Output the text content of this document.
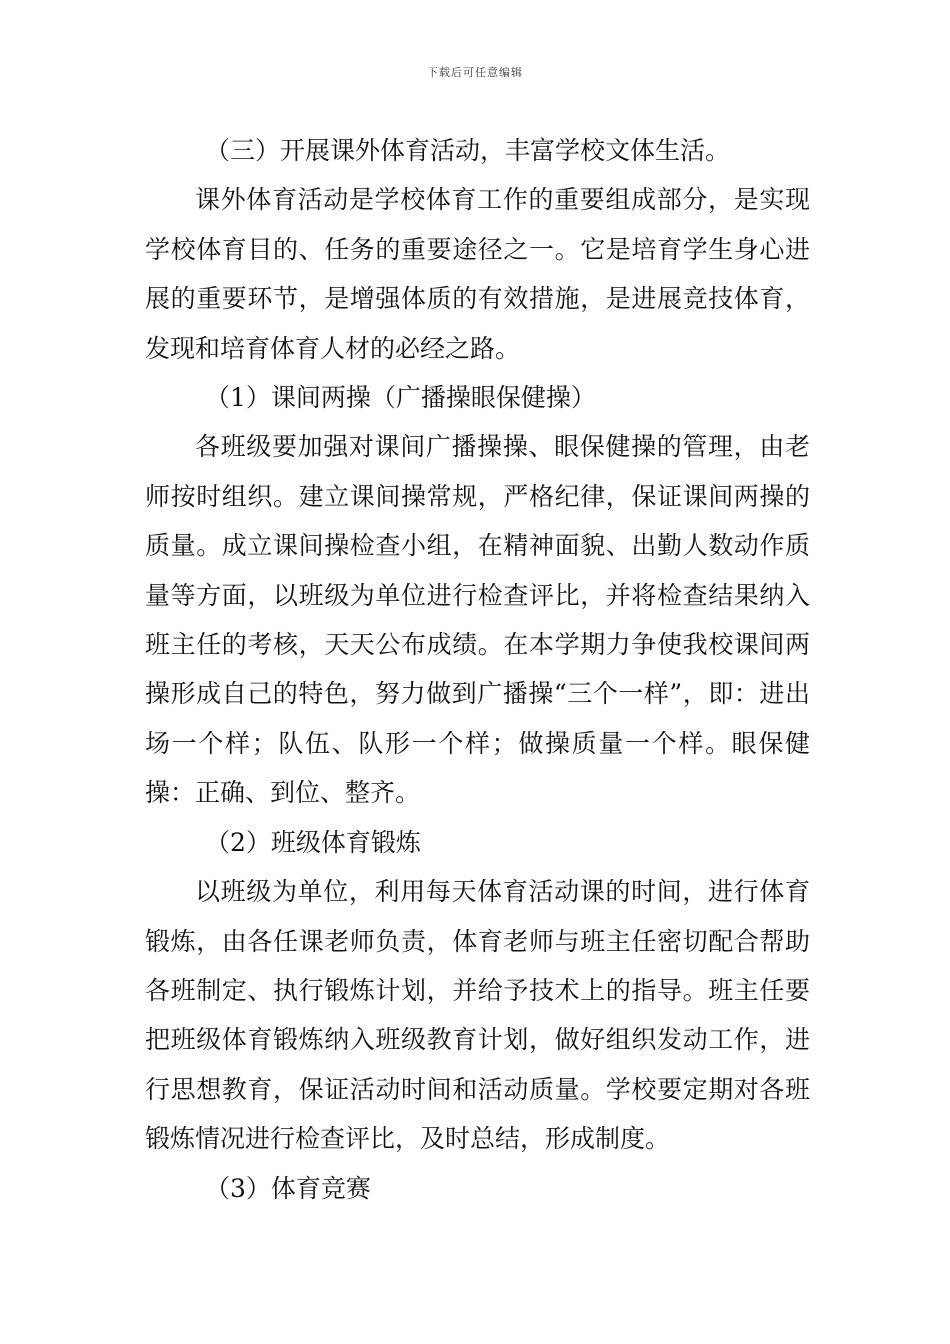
下载后可任意编辑

（三）开展课外体育活动，丰富学校文体生活。

课外体育活动是学校体育工作的重要组成部分，是实现学校体育目的、任务的重要途径之一。它是培育学生身心进展的重要环节，是增强体质的有效措施，是进展竞技体育，发现和培育体育人材的必经之路。

（1）课间两操（广播操眼保健操）

各班级要加强对课间广播操操、眼保健操的管理，由老师按时组织。建立课间操常规，严格纪律，保证课间两操的质量。成立课间操检查小组，在精神面貌、出勤人数动作质量等方面，以班级为单位进行检查评比，并将检查结果纳入班主任的考核，天天公布成绩。在本学期力争使我校课间两操形成自己的特色，努力做到广播操“三个一样”，即：进出场一个样；队伍、队形一个样；做操质量一个样。眼保健操：正确、到位、整齐。

（2）班级体育锻炼

以班级为单位，利用每天体育活动课的时间，进行体育锻炼，由各任课老师负责，体育老师与班主任密切配合帮助各班制定、执行锻炼计划，并给予技术上的指导。班主任要把班级体育锻炼纳入班级教育计划，做好组织发动工作，进行思想教育，保证活动时间和活动质量。学校要定期对各班锻炼情况进行检查评比，及时总结，形成制度。

（3）体育竞赛
